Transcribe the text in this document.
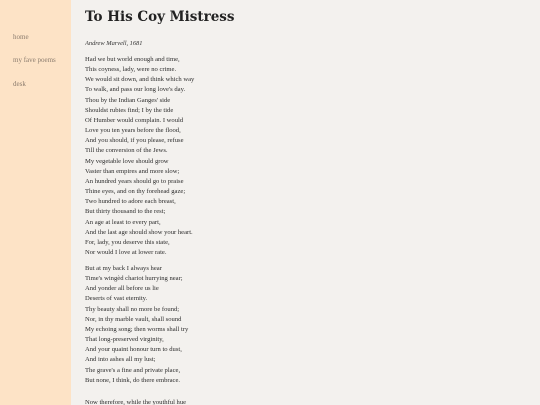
home
my fave poems
desk
To His Coy Mistress
Andrew Marvell, 1681
Had we but world enough and time,
This coyness, lady, were no crime.
We would sit down, and think which way
To walk, and pass our long love's day.
Thou by the Indian Ganges' side
Shouldst rubies find; I by the tide
Of Humber would complain. I would
Love you ten years before the flood,
And you should, if you please, refuse
Till the conversion of the Jews.
My vegetable love should grow
Vaster than empires and more slow;
An hundred years should go to praise
Thine eyes, and on thy forehead gaze;
Two hundred to adore each breast,
But thirty thousand to the rest;
An age at least to every part,
And the last age should show your heart.
For, lady, you deserve this state,
Nor would I love at lower rate.
But at my back I always hear
Time's wingèd chariot hurrying near;
And yonder all before us lie
Deserts of vast eternity.
Thy beauty shall no more be found;
Nor, in thy marble vault, shall sound
My echoing song; then worms shall try
That long-preserved virginity,
And your quaint honour turn to dust,
And into ashes all my lust;
The grave's a fine and private place,
But none, I think, do there embrace.
Now therefore, while the youthful hue
